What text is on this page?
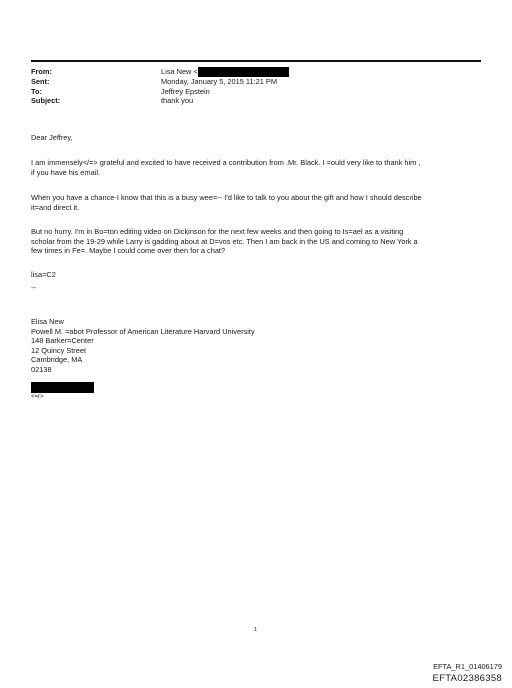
From:	Lisa New <
Sent:	Monday, January 5, 2015 11:21 PM
To:	Jeffrey Epstein
Subject:	thank you
Dear Jeffrey,
I am immensely</=> grateful and excited to have received a contribution from .Mr. Black. I =ould very like to thank him ,
if you have his email.
When you have a chance-I know that this is a busy wee=-- I'd like to talk to you about the gift and how I should describe
it=and direct it.
But no hurry. I'm in Bo=ton editing video on Dickinson for the next few weeks and then going to Is=ael as a visiting
scholar from the 19-29 while Larry is gadding about at D=vos etc. Then I am back in the US and coming to New York a
few times in Fe=. Maybe I could come over then for a chat?
lisa=C2
--
Elisa New
Powell M. =abot Professor of American Literature Harvard University
148 Barker=Center
12 Quincy Street
Cambridge, MA
02138
<=r>
1
EFTA_R1_01406179
EFTA02386358
